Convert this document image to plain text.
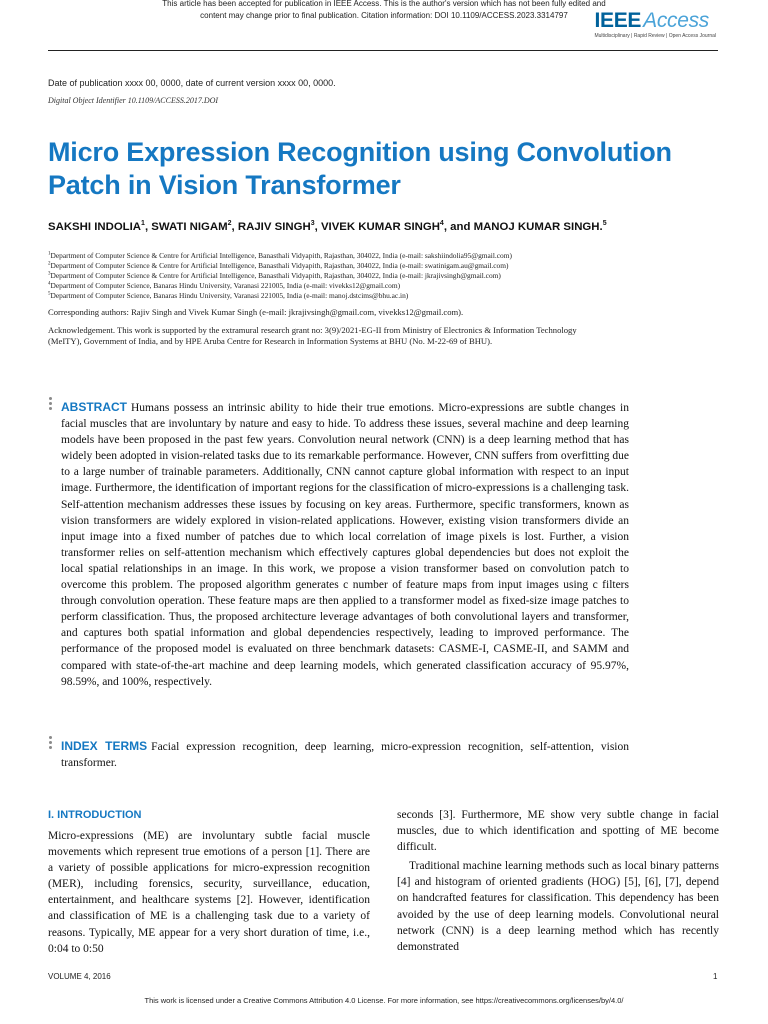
This article has been accepted for publication in IEEE Access. This is the author's version which has not been fully edited and
content may change prior to final publication. Citation information: DOI 10.1109/ACCESS.2023.3314797	IEEEAccess
Multidisciplinary | Rapid Review | Open Access Journal
Date of publication xxxx 00, 0000, date of current version xxxx 00, 0000.
Digital Object Identifier 10.1109/ACCESS.2017.DOI
Micro Expression Recognition using Convolution Patch in Vision Transformer
SAKSHI INDOLIA$^1$, SWATI NIGAM$^2$, RAJIV SINGH$^3$, VIVEK KUMAR SINGH$^4$, and MANOJ KUMAR SINGH.$^5$
$^1$Department of Computer Science & Centre for Artificial Intelligence, Banasthali Vidyapith, Rajasthan, 304022, India (e-mail: sakshiindolia95@gmail.com)
$^2$Department of Computer Science & Centre for Artificial Intelligence, Banasthali Vidyapith, Rajasthan, 304022, India (e-mail: swatinigam.au@gmail.com)
$^3$Department of Computer Science & Centre for Artificial Intelligence, Banasthali Vidyapith, Rajasthan, 304022, India (e-mail: jkrajivsingh@gmail.com)
$^4$Department of Computer Science, Banaras Hindu University, Varanasi 221005, India (e-mail: vivekks12@gmail.com)
$^5$Department of Computer Science, Banaras Hindu University, Varanasi 221005, India (e-mail: manoj.dstcims@bhu.ac.in)
Corresponding authors: Rajiv Singh and Vivek Kumar Singh (e-mail: jkrajivsingh@gmail.com, vivekks12@gmail.com).
Acknowledgement. This work is supported by the extramural research grant no: 3(9)/2021-EG-II from Ministry of Electronics & Information Technology (MeITY), Government of India, and by HPE Aruba Centre for Research in Information Systems at BHU (No. M-22-69 of BHU).
ABSTRACT Humans possess an intrinsic ability to hide their true emotions. Micro-expressions are subtle changes in facial muscles that are involuntary by nature and easy to hide. To address these issues, several machine and deep learning models have been proposed in the past few years. Convolution neural network (CNN) is a deep learning method that has widely been adopted in vision-related tasks due to its remarkable performance. However, CNN suffers from overfitting due to a large number of trainable parameters. Additionally, CNN cannot capture global information with respect to an input image. Furthermore, the identification of important regions for the classification of micro-expressions is a challenging task. Self-attention mechanism addresses these issues by focusing on key areas. Furthermore, specific transformers, known as vision transformers are widely explored in vision-related applications. However, existing vision transformers divide an input image into a fixed number of patches due to which local correlation of image pixels is lost. Further, a vision transformer relies on self-attention mechanism which effectively captures global dependencies but does not exploit the local spatial relationships in an image. In this work, we propose a vision transformer based on convolution patch to overcome this problem. The proposed algorithm generates c number of feature maps from input images using c filters through convolution operation. These feature maps are then applied to a transformer model as fixed-size image patches to perform classification. Thus, the proposed architecture leverage advantages of both convolutional layers and transformer, and captures both spatial information and global dependencies respectively, leading to improved performance. The performance of the proposed model is evaluated on three benchmark datasets: CASME-I, CASME-II, and SAMM and compared with state-of-the-art machine and deep learning models, which generated classification accuracy of 95.97%, 98.59%, and 100%, respectively.
INDEX TERMS Facial expression recognition, deep learning, micro-expression recognition, self-attention, vision transformer.
I. INTRODUCTION
Micro-expressions (ME) are involuntary subtle facial muscle movements which represent true emotions of a person [1]. There are a variety of possible applications for micro-expression recognition (MER), including forensics, security, surveillance, education, entertainment, and healthcare systems [2]. However, identification and classification of ME is a challenging task due to a variety of reasons. Typically, ME appear for a very short duration of time, i.e., 0:04 to 0:50

seconds [3]. Furthermore, ME show very subtle change in facial muscles, due to which identification and spotting of ME become difficult.

Traditional machine learning methods such as local binary patterns [4] and histogram of oriented gradients (HOG) [5], [6], [7], depend on handcrafted features for classification. This dependency has been avoided by the use of deep learning models. Convolutional neural network (CNN) is a deep learning method which has recently demonstrated

VOLUME 4, 2016	1
This work is licensed under a Creative Commons Attribution 4.0 License. For more information, see https://creativecommons.org/licenses/by/4.0/
